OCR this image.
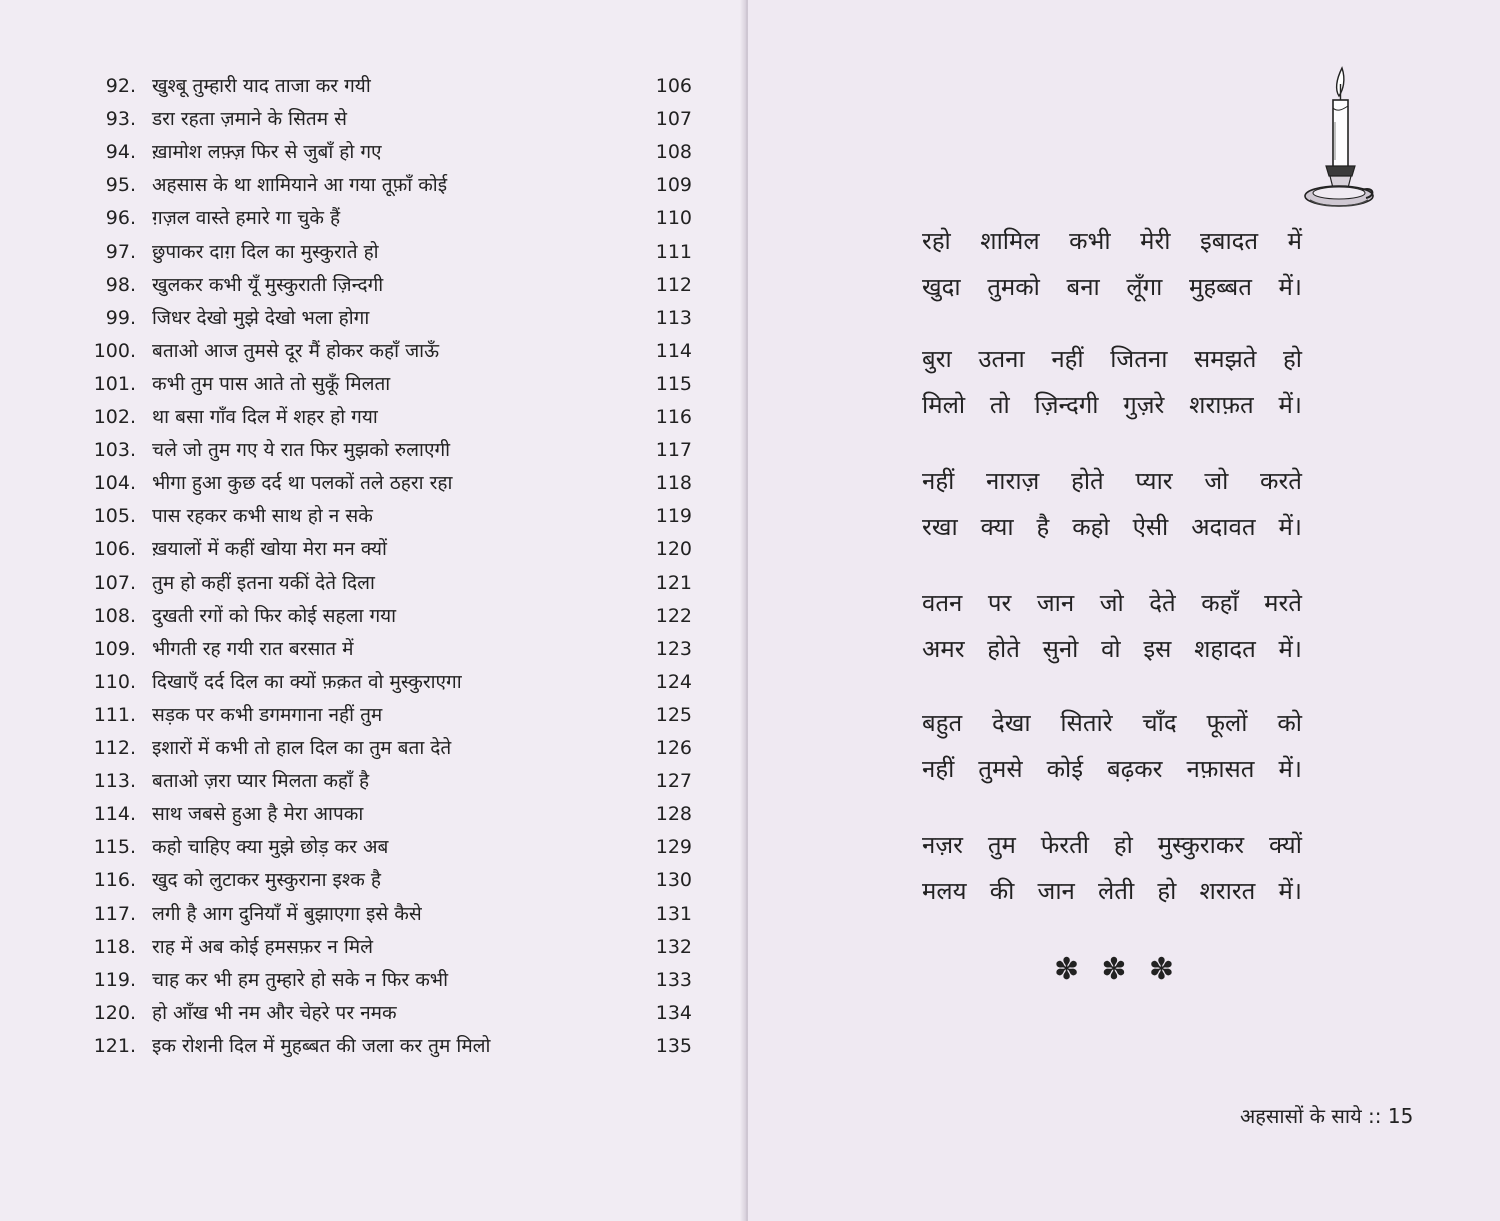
92. खुश्बू तुम्हारी याद ताजा कर गयी	106
93. डरा रहता ज़माने के सितम से	107
94. ख़ामोश लफ़्ज़ फिर से जुबाँ हो गए	108
95. अहसास के था शामियाने आ गया तूफ़ाँ कोई	109
96. ग़ज़ल वास्ते हमारे गा चुके हैं	110
97. छुपाकर दाग़ दिल का मुस्कुराते हो	111
98. खुलकर कभी यूँ मुस्कुराती ज़िन्दगी	112
99. जिधर देखो मुझे देखो भला होगा	113
100. बताओ आज तुमसे दूर मैं होकर कहाँ जाऊँ	114
101. कभी तुम पास आते तो सुकूँ मिलता	115
102. था बसा गाँव दिल में शहर हो गया	116
103. चले जो तुम गए ये रात फिर मुझको रुलाएगी	117
104. भीगा हुआ कुछ दर्द था पलकों तले ठहरा रहा	118
105. पास रहकर कभी साथ हो न सके	119
106. ख़यालों में कहीं खोया मेरा मन क्यों	120
107. तुम हो कहीं इतना यकीं देते दिला	121
108. दुखती रगों को फिर कोई सहला गया	122
109. भीगती रह गयी रात बरसात में	123
110. दिखाएँ दर्द दिल का क्यों फ़क़त वो मुस्कुराएगा	124
111. सड़क पर कभी डगमगाना नहीं तुम	125
112. इशारों में कभी तो हाल दिल का तुम बता देते	126
113. बताओ ज़रा प्यार मिलता कहाँ है	127
114. साथ जबसे हुआ है मेरा आपका	128
115. कहो चाहिए क्या मुझे छोड़ कर अब	129
116. खुद को लुटाकर मुस्कुराना इश्क है	130
117. लगी है आग दुनियाँ में बुझाएगा इसे कैसे	131
118. राह में अब कोई हमसफ़र न मिले	132
119. चाह कर भी हम तुम्हारे हो सके न फिर कभी	133
120. हो आँख भी नम और चेहरे पर नमक	134
121. इक रोशनी दिल में मुहब्बत की जला कर तुम मिलो	135
रहो शामिल कभी मेरी इबादत में
खुदा तुमको बना लूँगा मुहब्बत में।
बुरा उतना नहीं जितना समझते हो
मिलो तो ज़िन्दगी गुज़रे शराफ़त में।
नहीं नाराज़ होते प्यार जो करते
रखा क्या है कहो ऐसी अदावत में।
वतन पर जान जो देते कहाँ मरते
अमर होते सुनो वो इस शहादत में।
बहुत देखा सितारे चाँद फूलों को
नहीं तुमसे कोई बढ़कर नफ़ासत में।
नज़र तुम फेरती हो मुस्कुराकर क्यों
मलय की जान लेती हो शरारत में।
✽ ✽ ✽
अहसासों के साये :: 15
